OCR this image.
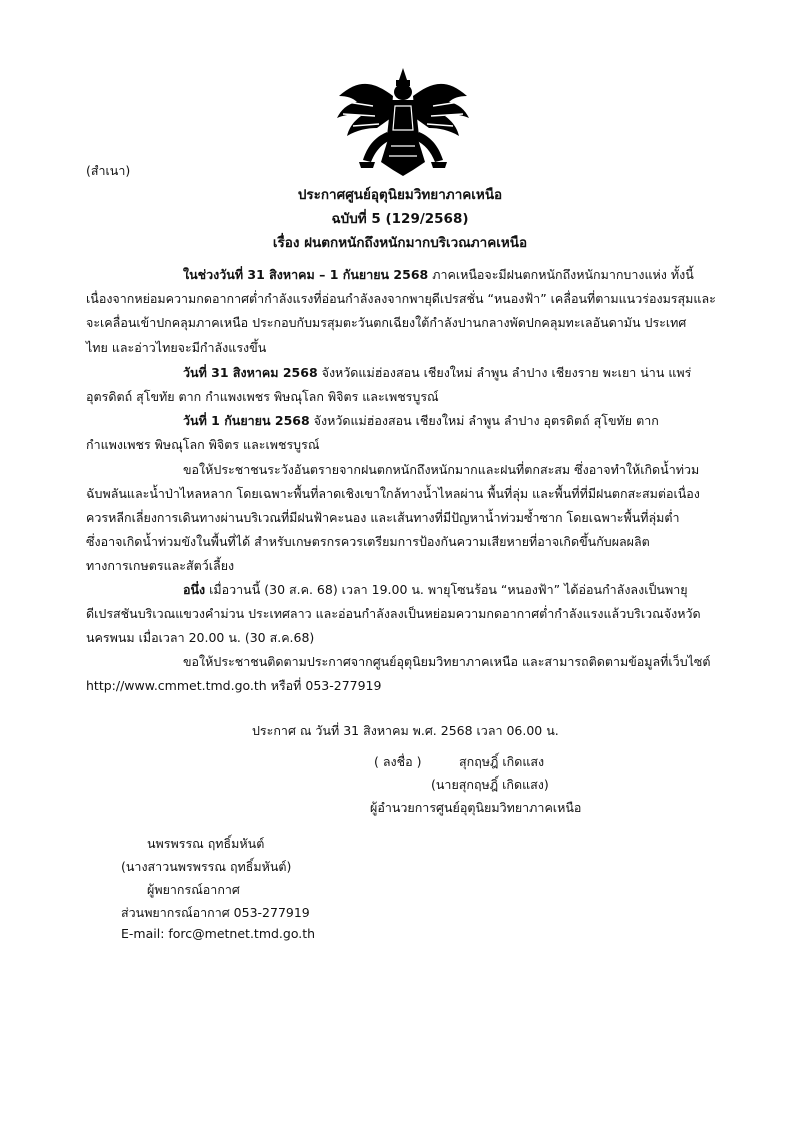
(สำเนา)
ประกาศศูนย์อุตุนิยมวิทยาภาคเหนือ
ฉบับที่ 5 (129/2568)
เรื่อง ฝนตกหนักถึงหนักมากบริเวณภาคเหนือ
ในช่วงวันที่ 31 สิงหาคม – 1 กันยายน 2568 ภาคเหนือจะมีฝนตกหนักถึงหนักมากบางแห่ง ทั้งนี้
เนื่องจากหย่อมความกดอากาศต่ำกำลังแรงที่อ่อนกำลังลงจากพายุดีเปรสชั่น “หนองฟ้า” เคลื่อนที่ตามแนวร่องมรสุมและ
จะเคลื่อนเข้าปกคลุมภาคเหนือ ประกอบกับมรสุมตะวันตกเฉียงใต้กำลังปานกลางพัดปกคลุมทะเลอันดามัน ประเทศ
ไทย และอ่าวไทยจะมีกำลังแรงขึ้น
วันที่ 31 สิงหาคม 2568 จังหวัดแม่ฮ่องสอน เชียงใหม่ ลำพูน ลำปาง เชียงราย พะเยา น่าน แพร่
อุตรดิตถ์ สุโขทัย ตาก กำแพงเพชร พิษณุโลก พิจิตร และเพชรบูรณ์
วันที่ 1 กันยายน 2568 จังหวัดแม่ฮ่องสอน เชียงใหม่ ลำพูน ลำปาง อุตรดิตถ์ สุโขทัย ตาก
กำแพงเพชร พิษณุโลก พิจิตร และเพชรบูรณ์
ขอให้ประชาชนระวังอันตรายจากฝนตกหนักถึงหนักมากและฝนที่ตกสะสม ซึ่งอาจทำให้เกิดน้ำท่วม
ฉับพลันและน้ำป่าไหลหลาก โดยเฉพาะพื้นที่ลาดเชิงเขาใกล้ทางน้ำไหลผ่าน พื้นที่ลุ่ม และพื้นที่ที่มีฝนตกสะสมต่อเนื่อง
ควรหลีกเลี่ยงการเดินทางผ่านบริเวณที่มีฝนฟ้าคะนอง และเส้นทางที่มีปัญหาน้ำท่วมซ้ำซาก โดยเฉพาะพื้นที่ลุ่มต่ำ
ซึ่งอาจเกิดน้ำท่วมขังในพื้นที่ได้ สำหรับเกษตรกรควรเตรียมการป้องกันความเสียหายที่อาจเกิดขึ้นกับผลผลิต
ทางการเกษตรและสัตว์เลี้ยง
อนึ่ง เมื่อวานนี้ (30 ส.ค. 68) เวลา 19.00 น. พายุโซนร้อน “หนองฟ้า” ได้อ่อนกำลังลงเป็นพายุ
ดีเปรสชันบริเวณแขวงคำม่วน ประเทศลาว และอ่อนกำลังลงเป็นหย่อมความกดอากาศต่ำกำลังแรงแล้วบริเวณจังหวัด
นครพนม เมื่อเวลา 20.00 น. (30 ส.ค.68)
ขอให้ประชาชนติดตามประกาศจากศูนย์อุตุนิยมวิทยาภาคเหนือ และสามารถติดตามข้อมูลที่เว็บไซต์
http://www.cmmet.tmd.go.th หรือที่ 053-277919
ประกาศ ณ วันที่ 31 สิงหาคม พ.ศ. 2568 เวลา 06.00 น.
( ลงชื่อ )	สุกฤษฎิ์ เกิดแสง
(นายสุกฤษฎิ์ เกิดแสง)
ผู้อำนวยการศูนย์อุตุนิยมวิทยาภาคเหนือ
นพรพรรณ ฤทธิ์มหันต์
(นางสาวนพรพรรณ ฤทธิ์มหันต์)
ผู้พยากรณ์อากาศ
ส่วนพยากรณ์อากาศ 053-277919
E-mail: forc@metnet.tmd.go.th
